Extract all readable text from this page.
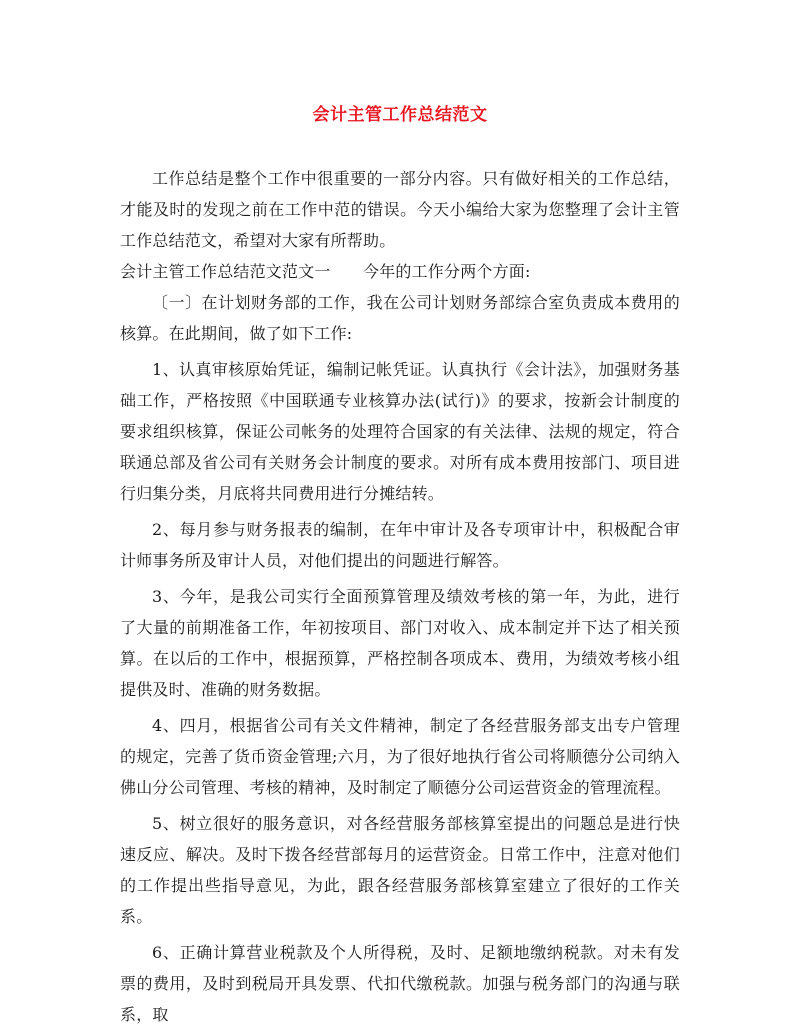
会计主管工作总结范文

工作总结是整个工作中很重要的一部分内容。只有做好相关的工作总结，才能及时的发现之前在工作中范的错误。今天小编给大家为您整理了会计主管工作总结范文，希望对大家有所帮助。

会计主管工作总结范文范文一　　今年的工作分两个方面:

〔一〕在计划财务部的工作，我在公司计划财务部综合室负责成本费用的核算。在此期间，做了如下工作:

1、认真审核原始凭证，编制记帐凭证。认真执行《会计法》，加强财务基础工作，严格按照《中国联通专业核算办法(试行)》的要求，按新会计制度的要求组织核算，保证公司帐务的处理符合国家的有关法律、法规的规定，符合联通总部及省公司有关财务会计制度的要求。对所有成本费用按部门、项目进行归集分类，月底将共同费用进行分摊结转。

2、每月参与财务报表的编制，在年中审计及各专项审计中，积极配合审计师事务所及审计人员，对他们提出的问题进行解答。

3、今年，是我公司实行全面预算管理及绩效考核的第一年，为此，进行了大量的前期准备工作，年初按项目、部门对收入、成本制定并下达了相关预算。在以后的工作中，根据预算，严格控制各项成本、费用，为绩效考核小组提供及时、准确的财务数据。

4、四月，根据省公司有关文件精神，制定了各经营服务部支出专户管理的规定，完善了货币资金管理;六月，为了很好地执行省公司将顺德分公司纳入佛山分公司管理、考核的精神，及时制定了顺德分公司运营资金的管理流程。

5、树立很好的服务意识，对各经营服务部核算室提出的问题总是进行快速反应、解决。及时下拨各经营部每月的运营资金。日常工作中，注意对他们的工作提出些指导意见，为此，跟各经营服务部核算室建立了很好的工作关系。

6、正确计算营业税款及个人所得税，及时、足额地缴纳税款。对未有发票的费用，及时到税局开具发票、代扣代缴税款。加强与税务部门的沟通与联系，取
